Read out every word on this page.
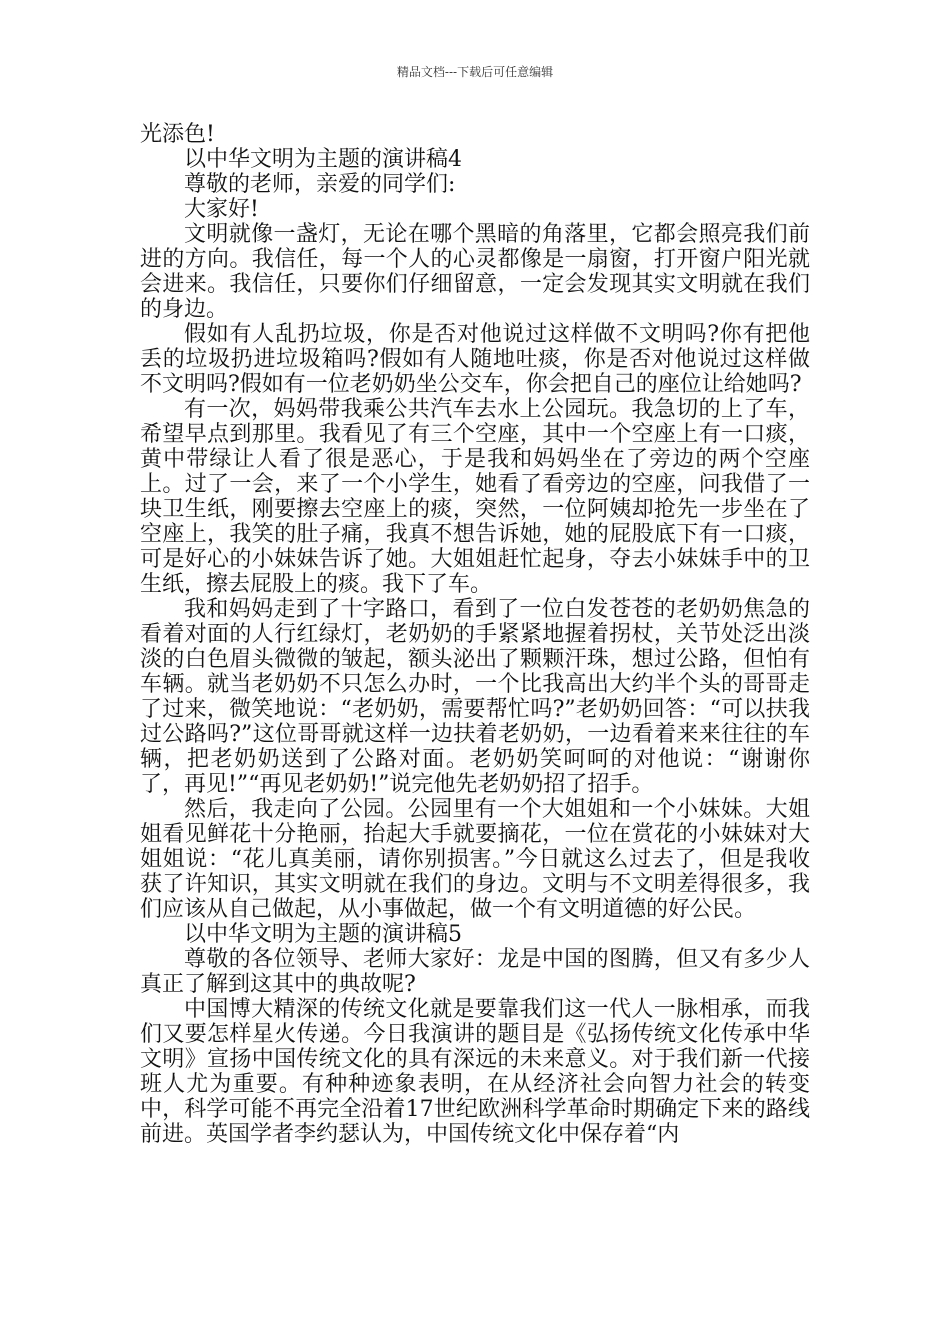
精品文档---下载后可任意编辑

光添色!

以中华文明为主题的演讲稿4

尊敬的老师，亲爱的同学们:

大家好!

文明就像一盏灯，无论在哪个黑暗的角落里，它都会照亮我们前进的方向。我信任，每一个人的心灵都像是一扇窗，打开窗户阳光就会进来。我信任，只要你们仔细留意，一定会发现其实文明就在我们的身边。

假如有人乱扔垃圾，你是否对他说过这样做不文明吗?你有把他丢的垃圾扔进垃圾箱吗?假如有人随地吐痰，你是否对他说过这样做不文明吗?假如有一位老奶奶坐公交车，你会把自己的座位让给她吗?

有一次，妈妈带我乘公共汽车去水上公园玩。我急切的上了车，希望早点到那里。我看见了有三个空座，其中一个空座上有一口痰，黄中带绿让人看了很是恶心，于是我和妈妈坐在了旁边的两个空座上。过了一会，来了一个小学生，她看了看旁边的空座，问我借了一块卫生纸，刚要擦去空座上的痰，突然，一位阿姨却抢先一步坐在了空座上，我笑的肚子痛，我真不想告诉她，她的屁股底下有一口痰，可是好心的小妹妹告诉了她。大姐姐赶忙起身，夺去小妹妹手中的卫生纸，擦去屁股上的痰。我下了车。

我和妈妈走到了十字路口，看到了一位白发苍苍的老奶奶焦急的看着对面的人行红绿灯，老奶奶的手紧紧地握着拐杖，关节处泛出淡淡的白色眉头微微的皱起，额头泌出了颗颗汗珠，想过公路，但怕有车辆。就当老奶奶不只怎么办时，一个比我高出大约半个头的哥哥走了过来，微笑地说：“老奶奶，需要帮忙吗?”老奶奶回答：“可以扶我过公路吗?”这位哥哥就这样一边扶着老奶奶，一边看着来来往往的车辆，把老奶奶送到了公路对面。老奶奶笑呵呵的对他说：“谢谢你了，再见!”“再见老奶奶!”说完他先老奶奶招了招手。

然后，我走向了公园。公园里有一个大姐姐和一个小妹妹。大姐姐看见鲜花十分艳丽，抬起大手就要摘花，一位在赏花的小妹妹对大姐姐说：“花儿真美丽，请你别损害。”今日就这么过去了，但是我收获了许知识，其实文明就在我们的身边。文明与不文明差得很多，我们应该从自己做起，从小事做起，做一个有文明道德的好公民。

以中华文明为主题的演讲稿5

尊敬的各位领导、老师大家好：龙是中国的图腾，但又有多少人真正了解到这其中的典故呢?

中国博大精深的传统文化就是要靠我们这一代人一脉相承，而我们又要怎样星火传递。今日我演讲的题目是《弘扬传统文化传承中华文明》宣扬中国传统文化的具有深远的未来意义。对于我们新一代接班人尤为重要。有种种迹象表明，在从经济社会向智力社会的转变中，科学可能不再完全沿着17世纪欧洲科学革命时期确定下来的路线前进。英国学者李约瑟认为，中国传统文化中保存着“内
